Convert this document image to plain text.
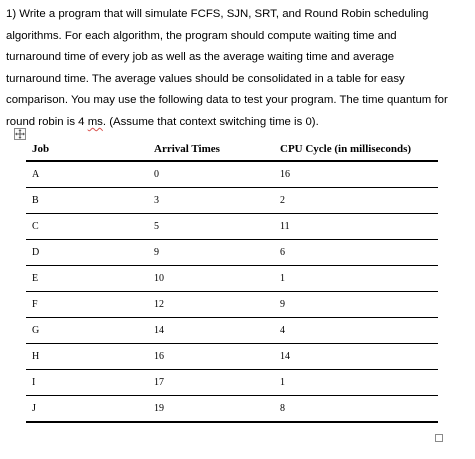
1) Write a program that will simulate FCFS, SJN, SRT, and Round Robin scheduling
algorithms. For each algorithm, the program should compute waiting time and
turnaround time of every job as well as the average waiting time and average
turnaround time. The average values should be consolidated in a table for easy
comparison. You may use the following data to test your program. The time quantum for
round robin is 4 ms. (Assume that context switching time is 0).
Job	Arrival Times	CPU Cycle (in milliseconds)
A	0	16
B	3	2
C	5	11
D	9	6
E	10	1
F	12	9
G	14	4
H	16	14
I	17	1
J	19	8
